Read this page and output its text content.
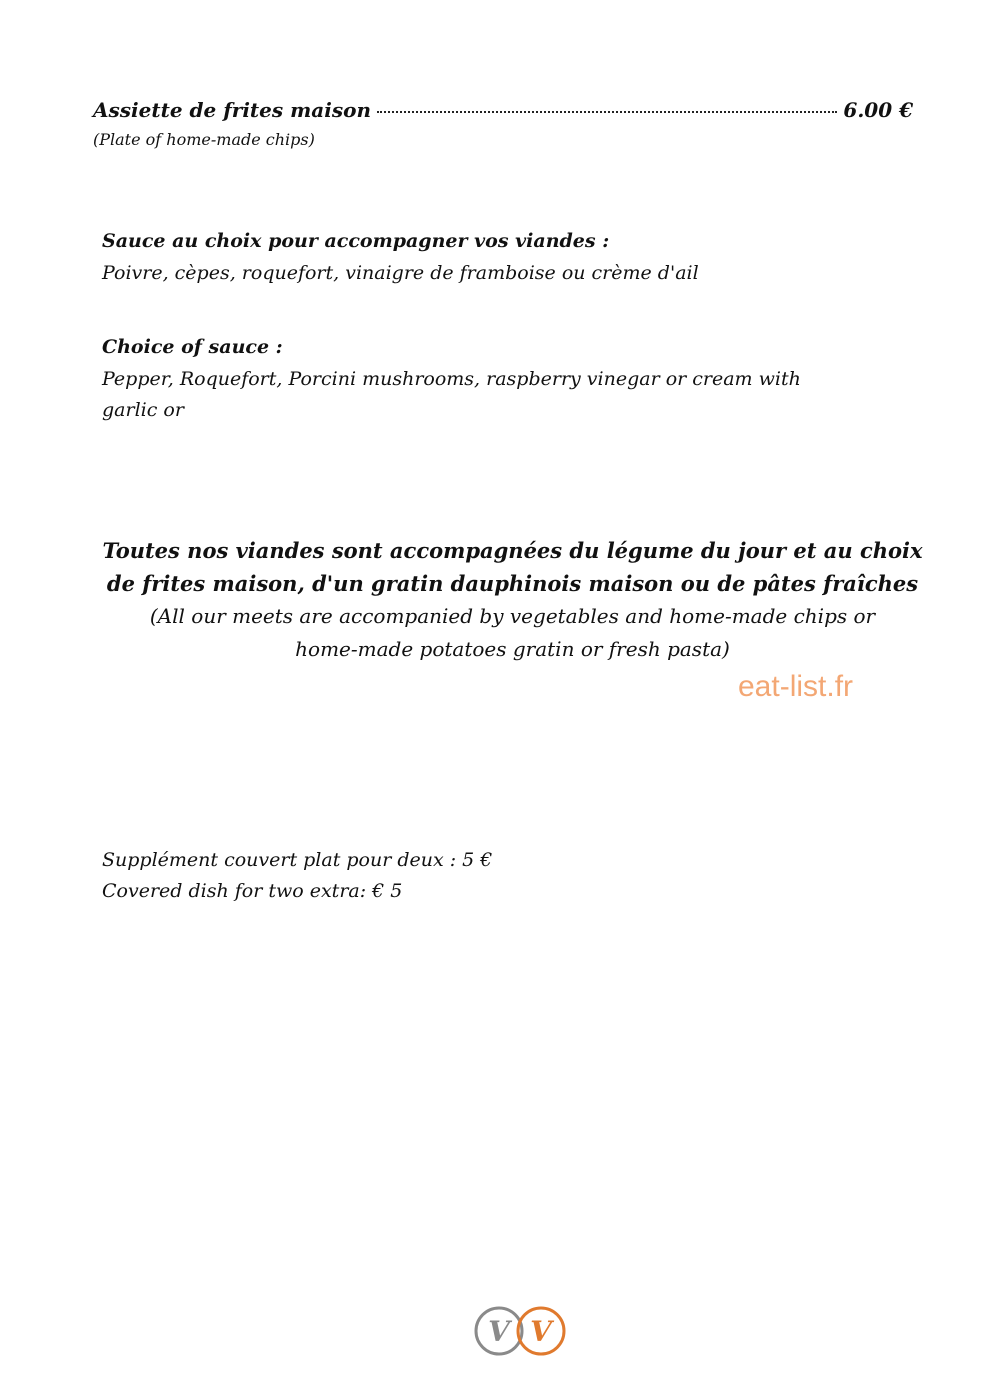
Assiette de frites maison	6.00 €
(Plate of home-made chips)
Sauce au choix pour accompagner vos viandes :
Poivre, cèpes, roquefort, vinaigre de framboise ou crème d'ail
Choice of sauce :
Pepper, Roquefort, Porcini mushrooms, raspberry vinegar or cream with
garlic or
Toutes nos viandes sont accompagnées du légume du jour et au choix
de frites maison, d'un gratin dauphinois maison ou de pâtes fraîches
(All our meets are accompanied by vegetables and home-made chips or
home-made potatoes gratin or fresh pasta)
eat-list.fr
Supplément couvert plat pour deux : 5 €
Covered dish for two extra: € 5
V V
